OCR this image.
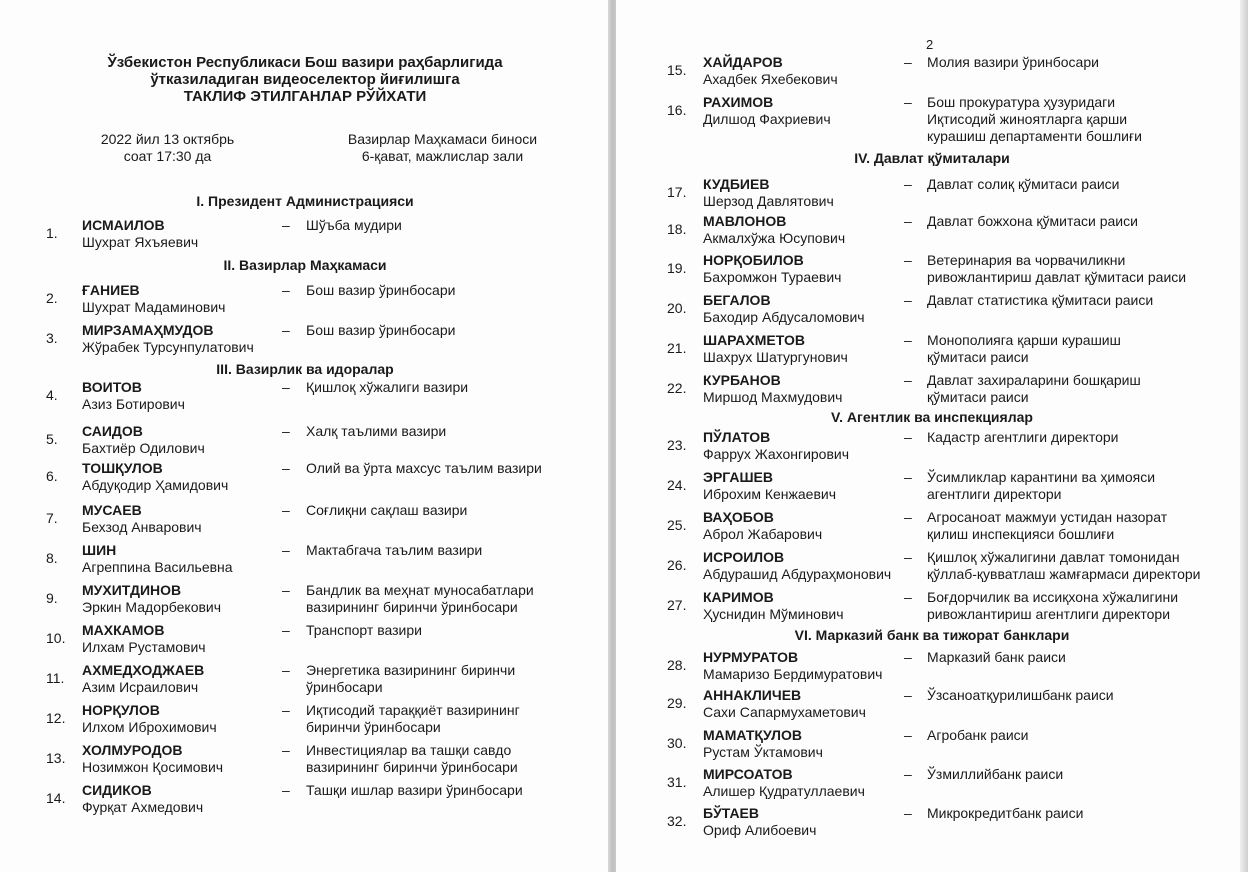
Ўзбекистон Республикаси Бош вазири раҳбарлигида
ўтказиладиган видеоселектор йиғилишга
ТАКЛИФ ЭТИЛГАНЛАР РЎЙХАТИ
2022 йил 13 октябрь
соат 17:30 да
Вазирлар Маҳкамаси биноси
6-қават, мажлислар зали
I. Президент Администрацияси
II. Вазирлар Маҳкамаси
III. Вазирлик ва идоралар
1. ИСМАИЛОВ
Шухрат Яхъяевич
– Шўъба мудири
2. ҒАНИЕВ
Шухрат Мадаминович
– Бош вазир ўринбосари
3. МИРЗАМАҲМУДОВ
Жўрабек Турсунпулатович
– Бош вазир ўринбосари
4. ВОИТОВ
Азиз Ботирович
– Қишлоқ хўжалиги вазири
5. САИДОВ
Бахтиёр Одилович
– Халқ таълими вазири
6. ТОШҚУЛОВ
Абдуқодир Ҳамидович
– Олий ва ўрта махсус таълим вазири
7. МУСАЕВ
Бехзод Анварович
– Соғлиқни сақлаш вазири
8. ШИН
Агреппина Васильевна
– Мактабгача таълим вазири
9. МУХИТДИНОВ
Эркин Мадорбекович
– Бандлик ва меҳнат муносабатлари
вазирининг биринчи ўринбосари
10. МАХКАМОВ
Илхам Рустамович
– Транспорт вазири
11. АХМЕДХОДЖАЕВ
Азим Исраилович
– Энергетика вазирининг биринчи
ўринбосари
12. НОРҚУЛОВ
Илхом Иброхимович
– Иқтисодий тараққиёт вазирининг
биринчи ўринбосари
13. ХОЛМУРОДОВ
Нозимжон Қосимович
– Инвестициялар ва ташқи савдо
вазирининг биринчи ўринбосари
14. СИДИКОВ
Фурқат Ахмедович
– Ташқи ишлар вазири ўринбосари
2
IV. Давлат қўмиталари
V. Агентлик ва инспекциялар
VI. Марказий банк ва тижорат банклари
15. ХАЙДАРОВ
Ахадбек Яхебекович
– Молия вазири ўринбосари
16. РАХИМОВ
Дилшод Фахриевич
– Бош прокуратура ҳузуридаги
Иқтисодий жиноятларга қарши
курашиш департаменти бошлиғи
17. КУДБИЕВ
Шерзод Давлятович
– Давлат солиқ қўмитаси раиси
18. МАВЛОНОВ
Акмалхўжа Юсупович
– Давлат божхона қўмитаси раиси
19. НОРҚОБИЛОВ
Бахромжон Тураевич
– Ветеринария ва чорвачиликни
ривожлантириш давлат қўмитаси раиси
20. БЕГАЛОВ
Баходир Абдусаломович
– Давлат статистика қўмитаси раиси
21. ШАРАХМЕТОВ
Шахрух Шатургунович
– Монополияга қарши курашиш
қўмитаси раиси
22. КУРБАНОВ
Миршод Махмудович
– Давлат захираларини бошқариш
қўмитаси раиси
23. ПЎЛАТОВ
Фаррух Жахонгирович
– Кадастр агентлиги директори
24. ЭРГАШЕВ
Иброхим Кенжаевич
– Ўсимликлар карантини ва ҳимояси
агентлиги директори
25. ВАҲОБОВ
Аброл Жабарович
– Агросаноат мажмуи устидан назорат
қилиш инспекцияси бошлиғи
26. ИСРОИЛОВ
Абдурашид Абдураҳмонович
– Қишлоқ хўжалигини давлат томонидан
қўллаб-қувватлаш жамғармаси директори
27. КАРИМОВ
Ҳуснидин Мўминович
– Боғдорчилик ва иссиқхона хўжалигини
ривожлантириш агентлиги директори
28. НУРМУРАТОВ
Мамаризо Бердимуратович
– Марказий банк раиси
29. АННАКЛИЧЕВ
Сахи Сапармухаметович
– Ўзсаноатқурилишбанк раиси
30. МАМАТҚУЛОВ
Рустам Ўктамович
– Агробанк раиси
31. МИРСОАТОВ
Алишер Қудратуллаевич
– Ўзмиллийбанк раиси
32. БЎТАЕВ
Ориф Алибоевич
– Микрокредитбанк раиси
